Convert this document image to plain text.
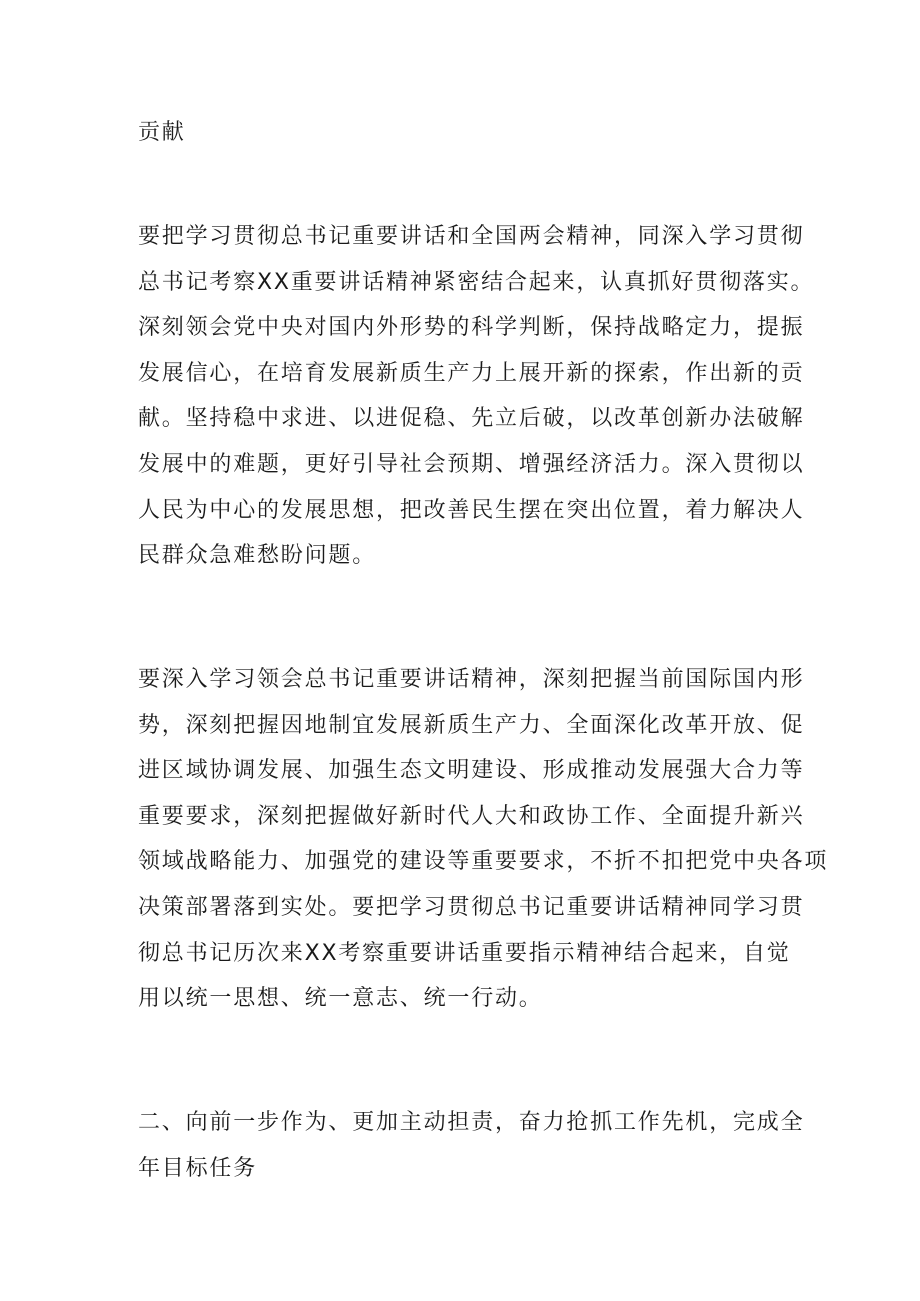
贡献
要把学习贯彻总书记重要讲话和全国两会精神，同深入学习贯彻
总书记考察XX重要讲话精神紧密结合起来，认真抓好贯彻落实。
深刻领会党中央对国内外形势的科学判断，保持战略定力，提振
发展信心，在培育发展新质生产力上展开新的探索，作出新的贡
献。坚持稳中求进、以进促稳、先立后破，以改革创新办法破解
发展中的难题，更好引导社会预期、增强经济活力。深入贯彻以
人民为中心的发展思想，把改善民生摆在突出位置，着力解决人
民群众急难愁盼问题。
要深入学习领会总书记重要讲话精神，深刻把握当前国际国内形
势，深刻把握因地制宜发展新质生产力、全面深化改革开放、促
进区域协调发展、加强生态文明建设、形成推动发展强大合力等
重要要求，深刻把握做好新时代人大和政协工作、全面提升新兴
领域战略能力、加强党的建设等重要要求，不折不扣把党中央各项
决策部署落到实处。要把学习贯彻总书记重要讲话精神同学习贯
彻总书记历次来XX考察重要讲话重要指示精神结合起来，自觉
用以统一思想、统一意志、统一行动。
二、向前一步作为、更加主动担责，奋力抢抓工作先机，完成全
年目标任务
